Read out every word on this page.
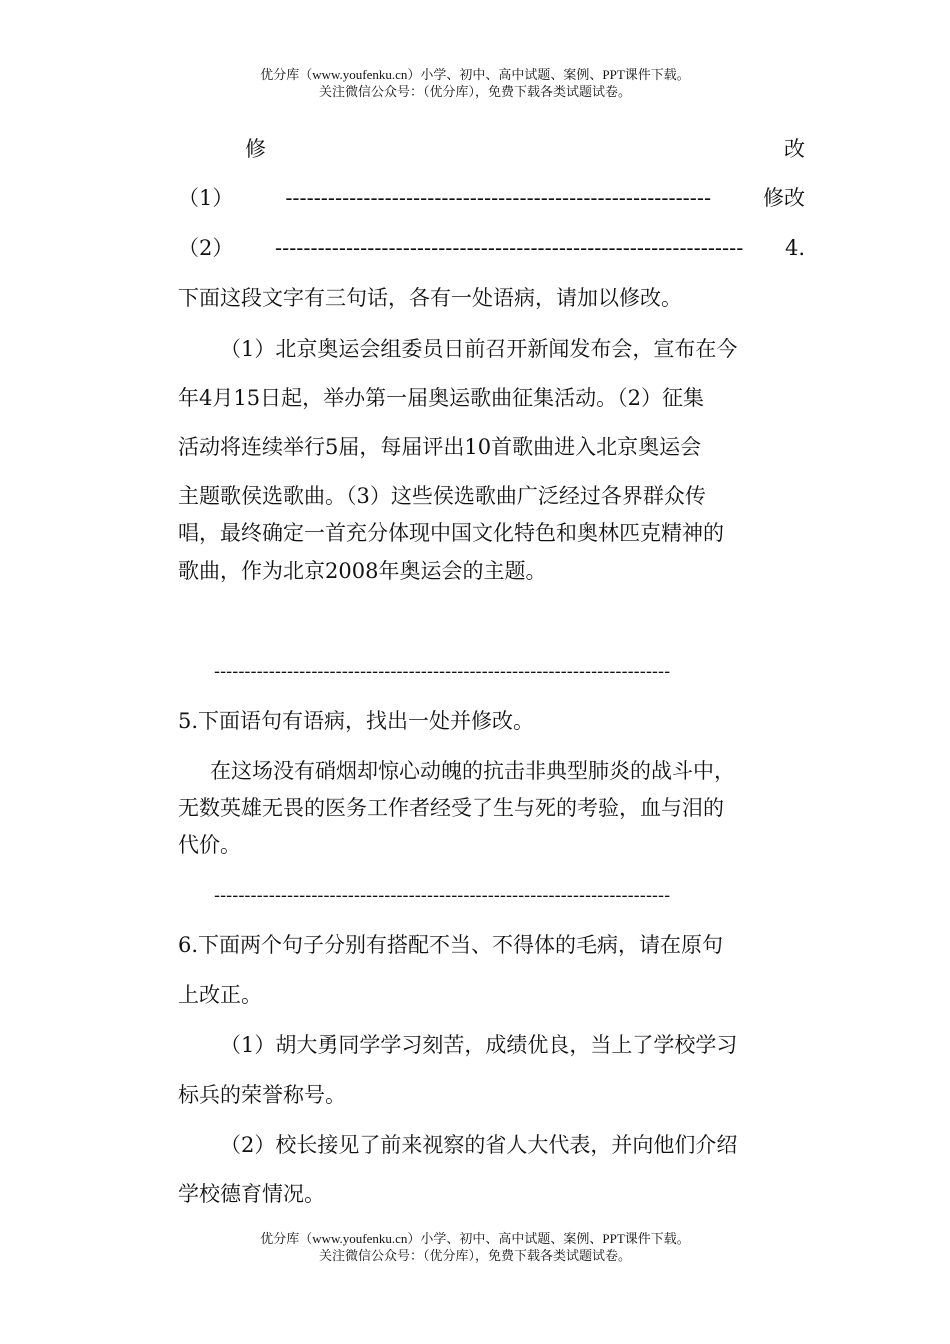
优分库（www.youfenku.cn）小学、初中、高中试题、案例、PPT课件下载。
关注微信公众号：（优分库），免费下载各类试题试卷。
修	改
（1） ------------------------------------------------------------ 修改
（2） ------------------------------------------------------------------ 4.
下面这段文字有三句话，各有一处语病，请加以修改。
（1）北京奥运会组委员日前召开新闻发布会，宣布在今
年4月15日起，举办第一届奥运歌曲征集活动。（2）征集
活动将连续举行5届，每届评出10首歌曲进入北京奥运会
主题歌侯选歌曲。（3）这些侯选歌曲广泛经过各界群众传
唱，最终确定一首充分体现中国文化特色和奥林匹克精神的
歌曲，作为北京2008年奥运会的主题。
---------------------------------------------------------------------------
5.下面语句有语病，找出一处并修改。
在这场没有硝烟却惊心动魄的抗击非典型肺炎的战斗中，
无数英雄无畏的医务工作者经受了生与死的考验，血与泪的
代价。
---------------------------------------------------------------------------
6.下面两个句子分别有搭配不当、不得体的毛病，请在原句
上改正。
（1）胡大勇同学学习刻苦，成绩优良，当上了学校学习
标兵的荣誉称号。
（2）校长接见了前来视察的省人大代表，并向他们介绍
学校德育情况。
优分库（www.youfenku.cn）小学、初中、高中试题、案例、PPT课件下载。
关注微信公众号：（优分库），免费下载各类试题试卷。
